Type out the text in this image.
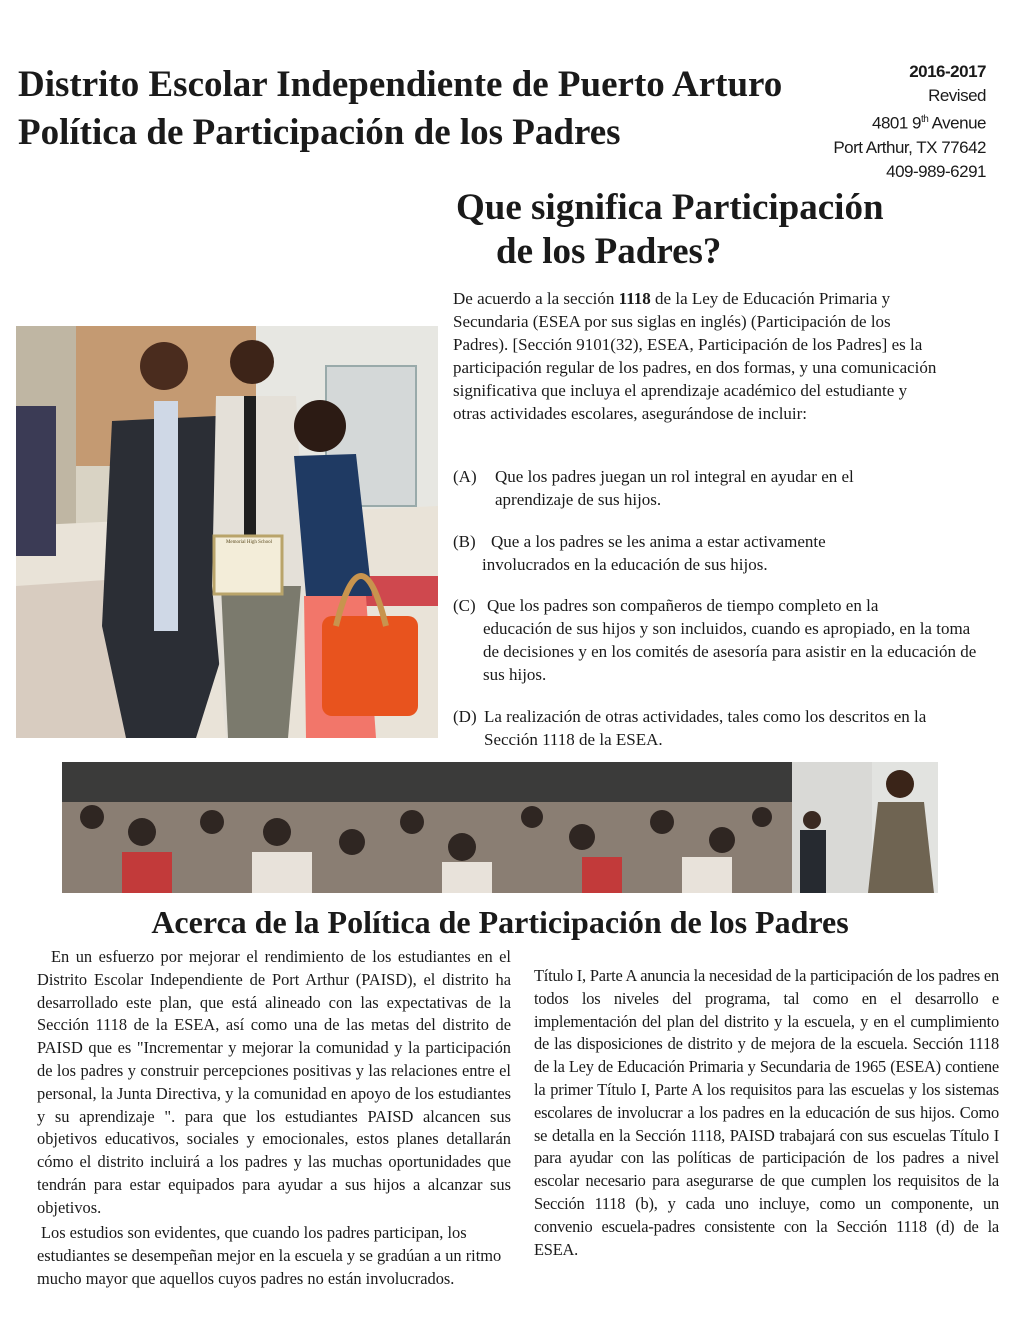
Distrito Escolar Independiente de Puerto Arturo
Política de Participación de los Padres
2016-2017
Revised
4801 9th Avenue
Port Arthur, TX 77642
409-989-6291
Que significa Participación
de los Padres?
De acuerdo a la sección 1118 de la Ley de Educación Primaria y Secundaria (ESEA por sus siglas en inglés) (Participación de los Padres). [Sección 9101(32), ESEA, Participación de los Padres] es la participación regular de los padres, en dos formas, y una comunicación significativa que incluya el aprendizaje académico del estudiante y otras actividades escolares, asegurándose de incluir:
(A) Que los padres juegan un rol integral en ayudar en el
aprendizaje de sus hijos.
(B) Que a los padres se les anima a estar activamente
involucrados en la educación de sus hijos.
(C) Que los padres son compañeros de tiempo completo en la
educación de sus hijos y son incluidos, cuando es apropiado, en la toma de decisiones y en los comités de asesoría para asistir en la educación de sus hijos.
(D) La realización de otras actividades, tales como los descritos en la
Sección 1118 de la ESEA.
Memorial High School
Acerca de la Política de Participación de los Padres
En un esfuerzo por mejorar el rendimiento de los estudiantes en el Distrito Escolar Independiente de Port Arthur (PAISD), el distrito ha desarrollado este plan, que está alineado con las expectativas de la Sección 1118 de la ESEA, así como una de las metas del distrito de PAISD que es "Incrementar y mejorar la comunidad y la participación de los padres y construir percepciones positivas y las relaciones entre el personal, la Junta Directiva, y la comunidad en apoyo de los estudiantes y su aprendizaje ". para que los estudiantes PAISD alcancen sus objetivos educativos, sociales y emocionales, estos planes detallarán cómo el distrito incluirá a los padres y las muchas oportunidades que tendrán para estar equipados para ayudar a sus hijos a alcanzar sus objetivos.
Los estudios son evidentes, que cuando los padres participan, los estudiantes se desempeñan mejor en la escuela y se gradúan a un ritmo mucho mayor que aquellos cuyos padres no están involucrados.
Título I, Parte A anuncia la necesidad de la participación de los padres en todos los niveles del programa, tal como en el desarrollo e implementación del plan del distrito y la escuela, y en el cumplimiento de las disposiciones de distrito y de mejora de la escuela. Sección 1118 de la Ley de Educación Primaria y Secundaria de 1965 (ESEA) contiene la primer Título I, Parte A los requisitos para las escuelas y los sistemas escolares de involucrar a los padres en la educación de sus hijos. Como se detalla en la Sección 1118, PAISD trabajará con sus escuelas Título I para ayudar con las políticas de participación de los padres a nivel escolar necesario para asegurarse de que cumplen los requisitos de la Sección 1118 (b), y cada uno incluye, como un componente, un convenio escuela-padres consistente con la Sección 1118 (d) de la ESEA.
